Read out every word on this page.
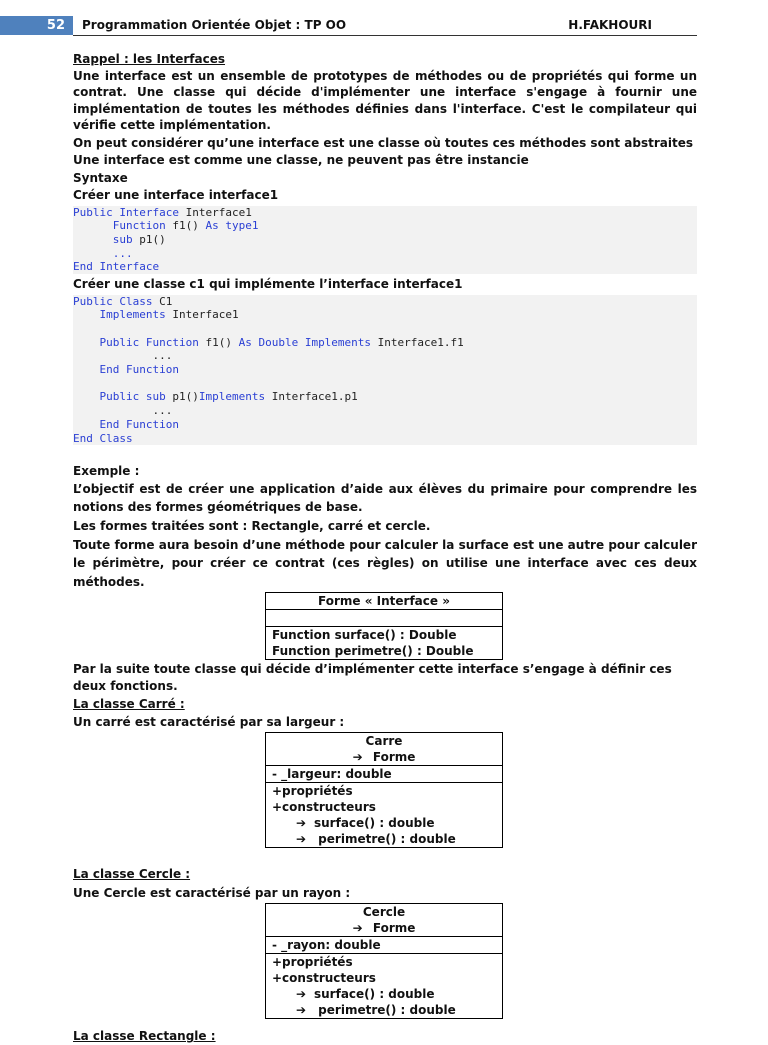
52	Programmation Orientée Objet : TP OO	H.FAKHOURI

Rappel : les Interfaces

Une interface est un ensemble de prototypes de méthodes ou de propriétés qui forme un contrat. Une classe qui décide d'implémenter une interface s'engage à fournir une implémentation de toutes les méthodes définies dans l'interface. C'est le compilateur qui vérifie cette implémentation.

On peut considérer qu’une interface est une classe où toutes ces méthodes sont abstraites

Une interface est comme une classe, ne peuvent pas être instancie

Syntaxe

Créer une interface interface1

Public Interface Interface1
Function f1() As type1
sub p1()
...
End Interface

Créer une classe c1 qui implémente l’interface interface1

Public Class C1
Implements Interface1
Public Function f1() As Double Implements Interface1.f1
...
End Function
Public sub p1()Implements Interface1.p1
...
End Function
End Class

Exemple :

L’objectif est de créer une application d’aide aux élèves du primaire pour comprendre les notions des formes géométriques de base.

Les formes traitées sont : Rectangle, carré et cercle.

Toute forme aura besoin d’une méthode pour calculer la surface est une autre pour calculer le périmètre, pour créer ce contrat (ces règles) on utilise une interface avec ces deux méthodes.

Forme « Interface »

Function surface() : Double
Function perimetre() : Double

Par la suite toute classe qui décide d’implémenter cette interface s’engage à définir ces deux fonctions.

La classe Carré :

Un carré est caractérisé par sa largeur :

Carre
➔ Forme

- _largeur: double

+propriétés
+constructeurs
➔ surface() : double
➔ perimetre() : double

La classe Cercle :

Une Cercle est caractérisé par un rayon :

Cercle
➔ Forme

- _rayon: double

+propriétés
+constructeurs
➔ surface() : double
➔ perimetre() : double

La classe Rectangle :
